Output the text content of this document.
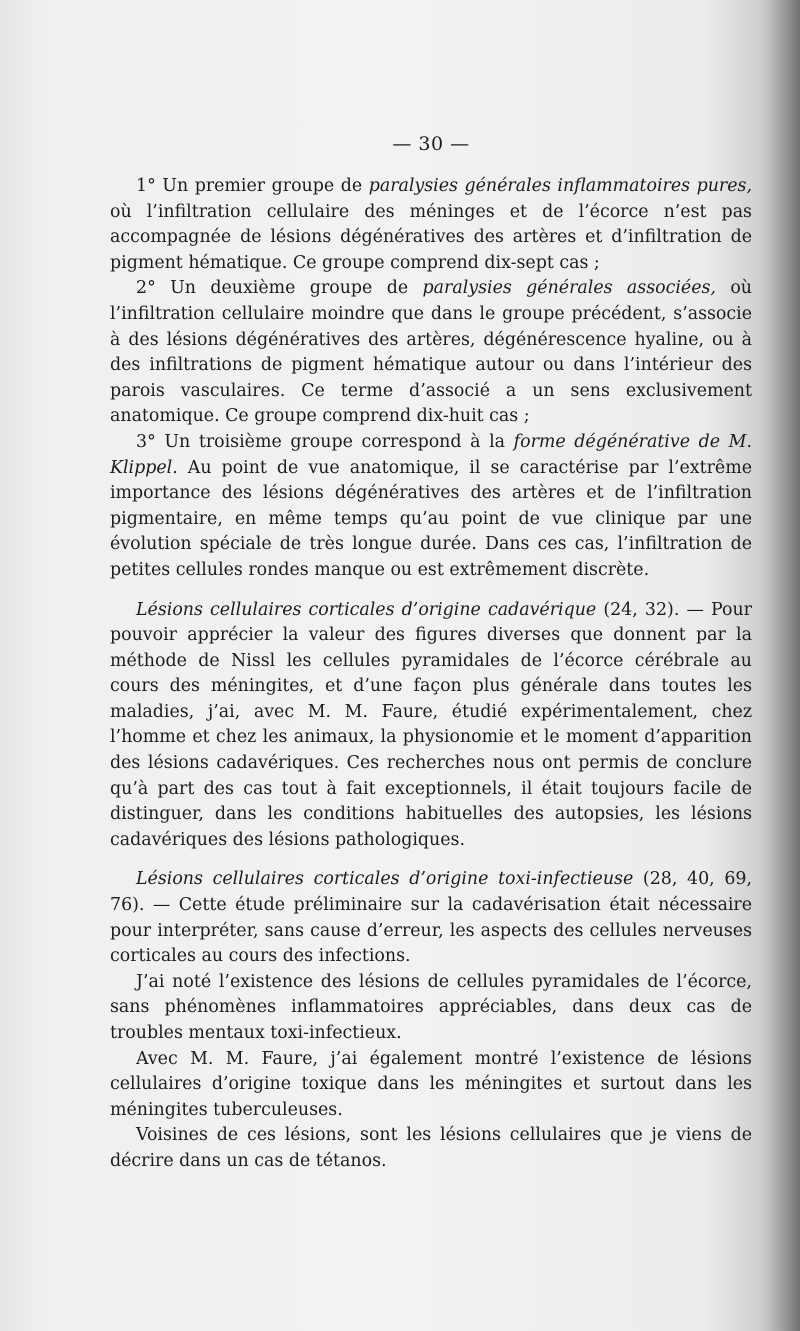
— 30 —

1° Un premier groupe de paralysies générales inflammatoires pures, où l’infiltration cellulaire des méninges et de l’écorce n’est pas accompagnée de lésions dégénératives des artères et d’infiltration de pigment hématique. Ce groupe comprend dix-sept cas ;

2° Un deuxième groupe de paralysies générales associées, où l’infiltration cellulaire moindre que dans le groupe précédent, s’associe à des lésions dégénératives des artères, dégénérescence hyaline, ou à des infiltrations de pigment hématique autour ou dans l’intérieur des parois vasculaires. Ce terme d’associé a un sens exclusivement anatomique. Ce groupe comprend dix-huit cas ;

3° Un troisième groupe correspond à la forme dégénérative de M. Klippel. Au point de vue anatomique, il se caractérise par l’extrême importance des lésions dégénératives des artères et de l’infiltration pigmentaire, en même temps qu’au point de vue clinique par une évolution spéciale de très longue durée. Dans ces cas, l’infiltration de petites cellules rondes manque ou est extrêmement discrète.

Lésions cellulaires corticales d’origine cadavérique (24, 32). — Pour pouvoir apprécier la valeur des figures diverses que donnent par la méthode de Nissl les cellules pyramidales de l’écorce cérébrale au cours des méningites, et d’une façon plus générale dans toutes les maladies, j’ai, avec M. M. Faure, étudié expérimentalement, chez l’homme et chez les animaux, la physionomie et le moment d’apparition des lésions cadavériques. Ces recherches nous ont permis de conclure qu’à part des cas tout à fait exceptionnels, il était toujours facile de distinguer, dans les conditions habituelles des autopsies, les lésions cadavériques des lésions pathologiques.

Lésions cellulaires corticales d’origine toxi-infectieuse (28, 40, 69, 76). — Cette étude préliminaire sur la cadavérisation était nécessaire pour interpréter, sans cause d’erreur, les aspects des cellules nerveuses corticales au cours des infections.

J’ai noté l’existence des lésions de cellules pyramidales de l’écorce, sans phénomènes inflammatoires appréciables, dans deux cas de troubles mentaux toxi-infectieux.

Avec M. M. Faure, j’ai également montré l’existence de lésions cellulaires d’origine toxique dans les méningites et surtout dans les méningites tuberculeuses.

Voisines de ces lésions, sont les lésions cellulaires que je viens de décrire dans un cas de tétanos.
